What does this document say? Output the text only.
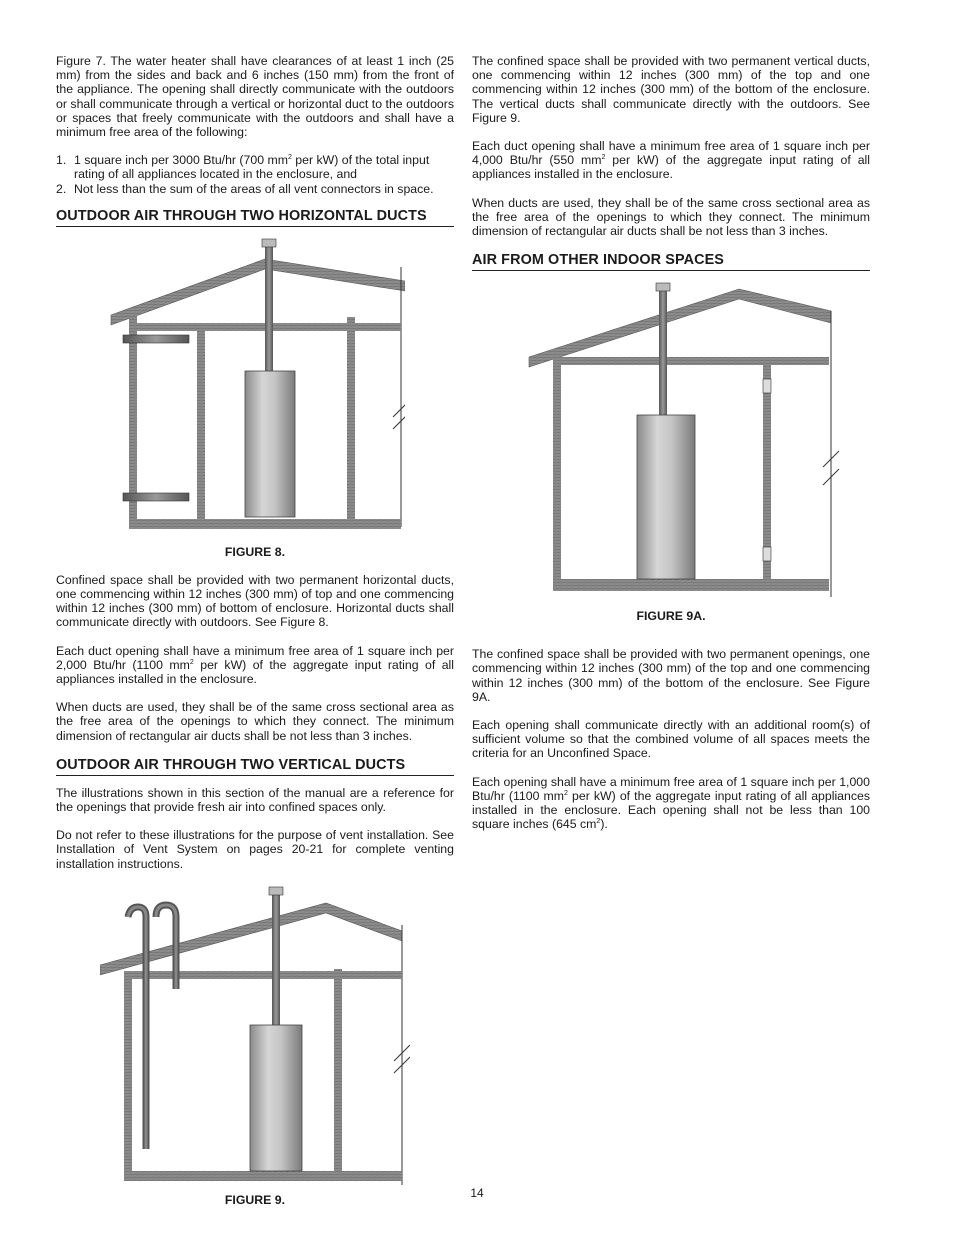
Figure 7. The water heater shall have clearances of at least 1 inch (25 mm) from the sides and back and 6 inches (150 mm) from the front of the appliance. The opening shall directly communicate with the outdoors or shall communicate through a vertical or horizontal duct to the outdoors or spaces that freely communicate with the outdoors and shall have a minimum free area of the following:

1. 1 square inch per 3000 Btu/hr (700 $mm^2$ per kW) of the total input rating of all appliances located in the enclosure, and
2. Not less than the sum of the areas of all vent connectors in space.
OUTDOOR AIR THROUGH TWO HORIZONTAL DUCTS
FIGURE 8.

Confined space shall be provided with two permanent horizontal ducts, one commencing within 12 inches (300 mm) of top and one commencing within 12 inches (300 mm) of bottom of enclosure. Horizontal ducts shall communicate directly with outdoors. See Figure 8.

Each duct opening shall have a minimum free area of 1 square inch per 2,000 Btu/hr (1100 $mm^2$ per kW) of the aggregate input rating of all appliances installed in the enclosure.

When ducts are used, they shall be of the same cross sectional area as the free area of the openings to which they connect. The minimum dimension of rectangular air ducts shall be not less than 3 inches.

OUTDOOR AIR THROUGH TWO VERTICAL DUCTS

The illustrations shown in this section of the manual are a reference for the openings that provide fresh air into confined spaces only.

Do not refer to these illustrations for the purpose of vent installation. See Installation of Vent System on pages 20-21 for complete venting installation instructions.

FIGURE 9.

The confined space shall be provided with two permanent vertical ducts, one commencing within 12 inches (300 mm) of the top and one commencing within 12 inches (300 mm) of the bottom of the enclosure. The vertical ducts shall communicate directly with the outdoors. See Figure 9.

Each duct opening shall have a minimum free area of 1 square inch per 4,000 Btu/hr (550 $mm^2$ per kW) of the aggregate input rating of all appliances installed in the enclosure.

When ducts are used, they shall be of the same cross sectional area as the free area of the openings to which they connect. The minimum dimension of rectangular air ducts shall be not less than 3 inches.

AIR FROM OTHER INDOOR SPACES
FIGURE 9A.

The confined space shall be provided with two permanent openings, one commencing within 12 inches (300 mm) of the top and one commencing within 12 inches (300 mm) of the bottom of the enclosure. See Figure 9A.

Each opening shall communicate directly with an additional room(s) of sufficient volume so that the combined volume of all spaces meets the criteria for an Unconfined Space.

Each opening shall have a minimum free area of 1 square inch per 1,000 Btu/hr (1100 $mm^2$ per kW) of the aggregate input rating of all appliances installed in the enclosure. Each opening shall not be less than 100 square inches (645 $cm^2$).

14
